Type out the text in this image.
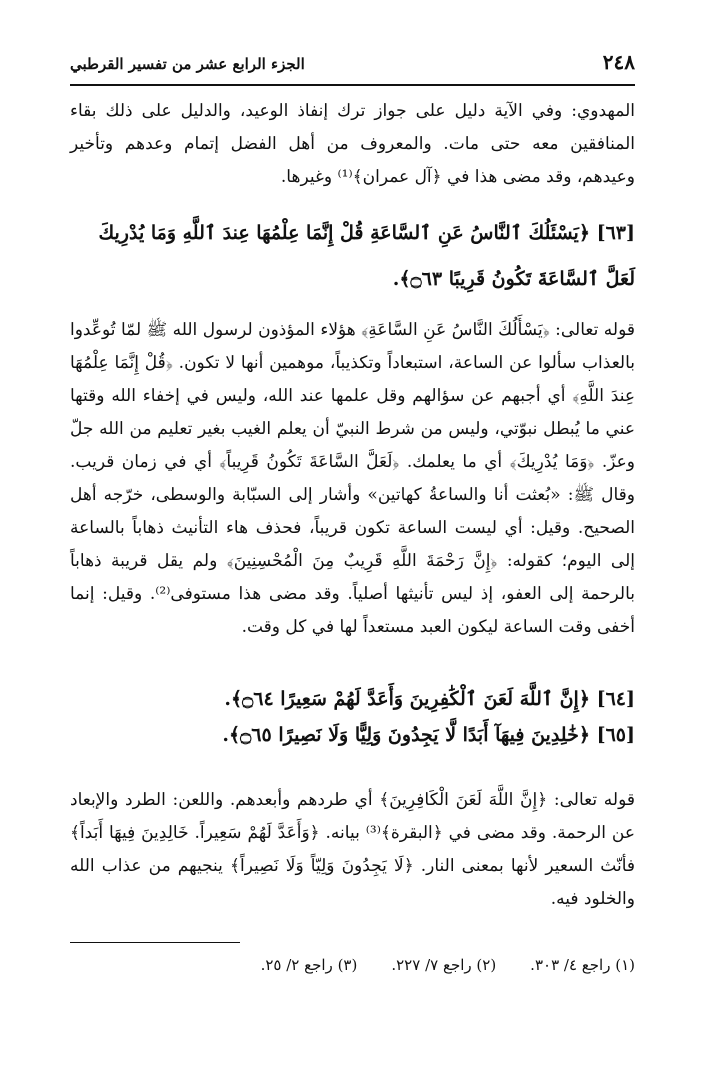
٢٤٨
الجزء الرابع عشر من تفسير القرطبي

المهدوي: وفي الآية دليل على جواز ترك إنفاذ الوعيد، والدليل على ذلك بقاء المنافقين معه حتى مات. والمعروف من أهل الفضل إتمام وعدهم وتأخير وعيدهم، وقد مضى هذا في ﴿آل عمران﴾⁽¹⁾ وغيرها.

[٦٣] ﴿يَسْئَلُكَ ٱلنَّاسُ عَنِ ٱلسَّاعَةِ قُلْ إِنَّمَا عِلْمُهَا عِندَ ٱللَّهِ وَمَا يُدْرِيكَ لَعَلَّ ٱلسَّاعَةَ تَكُونُ قَرِيبًا ۝٦٣﴾.

قوله تعالى: ﴿يَسْأَلُكَ النَّاسُ عَنِ السَّاعَةِ﴾ هؤلاء المؤذون لرسول الله ﷺ لمّا تُوعِّدوا بالعذاب سألوا عن الساعة، استبعاداً وتكذيباً، موهمين أنها لا تكون. ﴿قُلْ إِنَّمَا عِلْمُهَا عِندَ اللَّهِ﴾ أي أجبهم عن سؤالهم وقل علمها عند الله، وليس في إخفاء الله وقتها عني ما يُبطل نبوّتي، وليس من شرط النبيّ أن يعلم الغيب بغير تعليم من الله جلّ وعزّ. ﴿وَمَا يُدْرِيكَ﴾ أي ما يعلمك. ﴿لَعَلَّ السَّاعَةَ تَكُونُ قَرِيباً﴾ أي في زمان قريب. وقال ﷺ: «بُعثت أنا والساعةُ كهاتين» وأشار إلى السبّابة والوسطى، خرّجه أهل الصحيح. وقيل: أي ليست الساعة تكون قريباً، فحذف هاء التأنيث ذهاباً بالساعة إلى اليوم؛ كقوله: ﴿إِنَّ رَحْمَةَ اللَّهِ قَرِيبٌ مِنَ الْمُحْسِنِينَ﴾ ولم يقل قريبة ذهاباً بالرحمة إلى العفو، إذ ليس تأنيثها أصلياً. وقد مضى هذا مستوفى⁽²⁾. وقيل: إنما أخفى وقت الساعة ليكون العبد مستعداً لها في كل وقت.

[٦٤] ﴿إِنَّ ٱللَّهَ لَعَنَ ٱلْكَٰفِرِينَ وَأَعَدَّ لَهُمْ سَعِيرًا ۝٦٤﴾.

[٦٥] ﴿خَٰلِدِينَ فِيهَآ أَبَدًا لَّا يَجِدُونَ وَلِيًّا وَلَا نَصِيرًا ۝٦٥﴾.

قوله تعالى: ﴿إِنَّ اللَّهَ لَعَنَ الْكَافِرِينَ﴾ أي طردهم وأبعدهم. واللعن: الطرد والإبعاد عن الرحمة. وقد مضى في ﴿البقرة﴾⁽³⁾ بيانه. ﴿وَأَعَدَّ لَهُمْ سَعِيراً. خَالِدِينَ فِيهَا أَبَداً﴾ فأنّث السعير لأنها بمعنى النار. ﴿لَا يَجِدُونَ وَلِيّاً وَلَا نَصِيراً﴾ ينجيهم من عذاب الله والخلود فيه.

(١) راجع ٤/ ٣٠٣.
(٢) راجع ٧/ ٢٢٧.
(٣) راجع ٢/ ٢٥.
